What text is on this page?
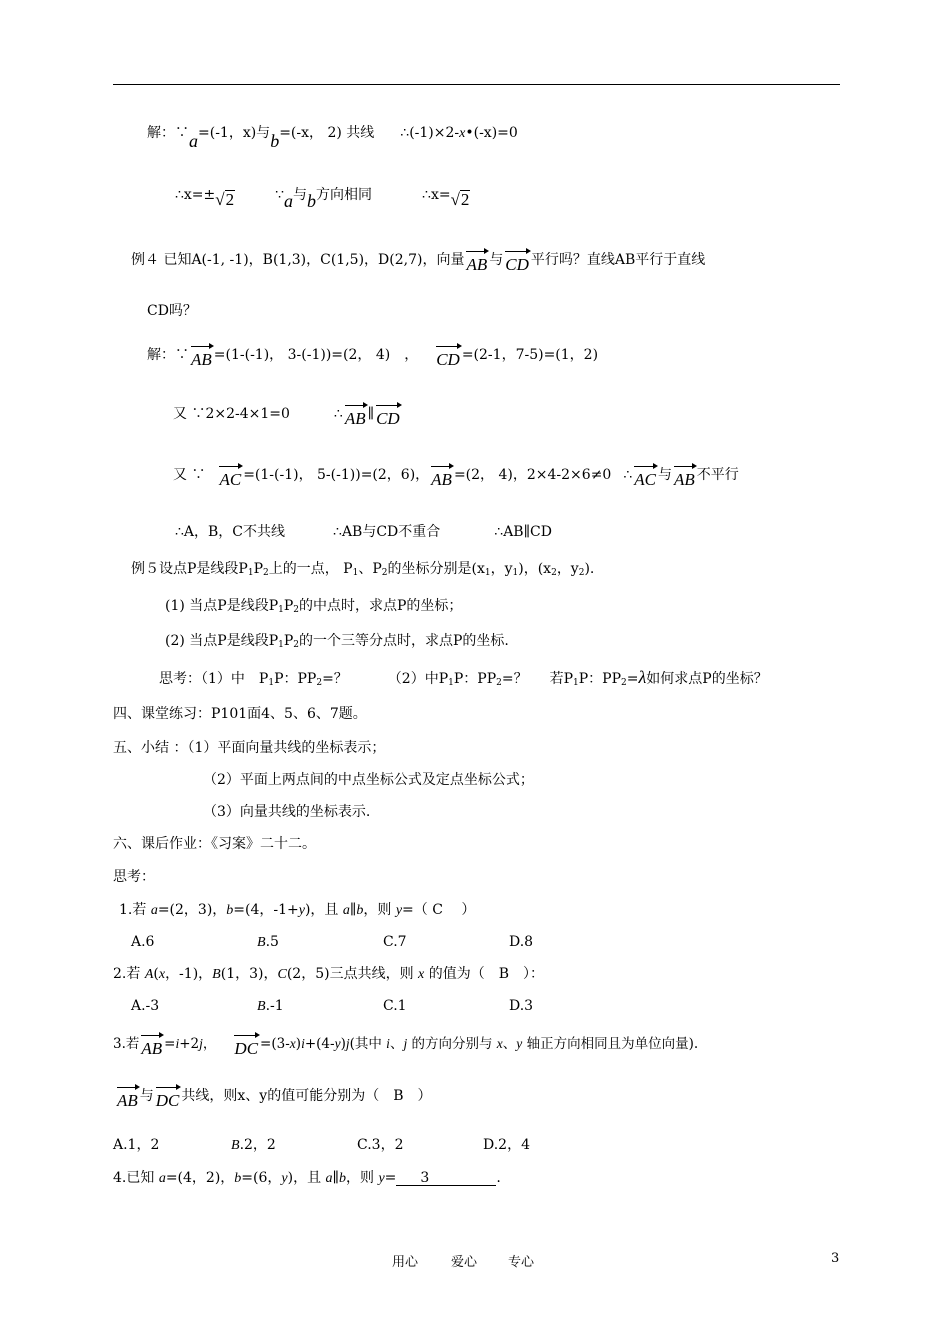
解：∵a=(-1，x)与b=(-x， 2) 共线 ∴(-1)×2-x•(-x)=0
∴x=±√2	∵a与b方向相同	∴x=√2
例４ 已知A(-1, -1)，B(1,3)，C(1,5)，D(2,7)，向量 AB 与 CD 平行吗？直线AB平行于直线
CD吗？
解：∵ AB =(1-(-1)， 3-(-1))=(2， 4)　， CD =(2-1，7-5)=(1，2)
又 ∵2×2-4×1=0	∴ AB ∥ CD
又 ∵ AC =(1-(-1)， 5-(-1))=(2，6)， AB =(2， 4)，2×4-2×6≠0 ∴ AC 与 AB 不平行
∴A，B，C不共线	∴AB与CD不重合	∴AB∥CD
例５设点P是线段$P_1P_2$上的一点， $P_1$、$P_2$的坐标分别是($x_1$，$y_1$)，($x_2$，$y_2$).
(1) 当点P是线段$P_1P_2$的中点时，求点P的坐标；
(2) 当点P是线段$P_1P_2$的一个三等分点时，求点P的坐标.
思考：（1）中　$P_1P$：$PP_2=$？	（2）中$P_1P$：$PP_2=$？ 若$P_1P$：$PP_2=\lambda$如何求点P的坐标？
四、课堂练习：P101面4、5、6、7题。
五、小结 ：（1）平面向量共线的坐标表示；
（2）平面上两点间的中点坐标公式及定点坐标公式；
（3）向量共线的坐标表示.
六、课后作业：《习案》二十二。
思考：
1.若 a=(2，3)，b=(4，-1+y)，且 a∥b，则 y=（ C　 ）
A.6	B.5	C.7	D.8
2.若 A(x，-1)，B(1，3)，C(2，5)三点共线，则 x 的值为（　B　）：
A.-3	B.-1	C.1	D.3
3.若 AB =i+2j， DC =(3-x)i+(4-y)j(其中 i、j 的方向分别与 x、y 轴正方向相同且为单位向量).
AB 与 DC 共线，则x、y的值可能分别为（　B　）
A.1，2	B.2，2	C.3，2	D.2，4
4.已知 a=(4，2)，b=(6，y)，且 a∥b，则 y= 3	.
用心	爱心 专心	3
